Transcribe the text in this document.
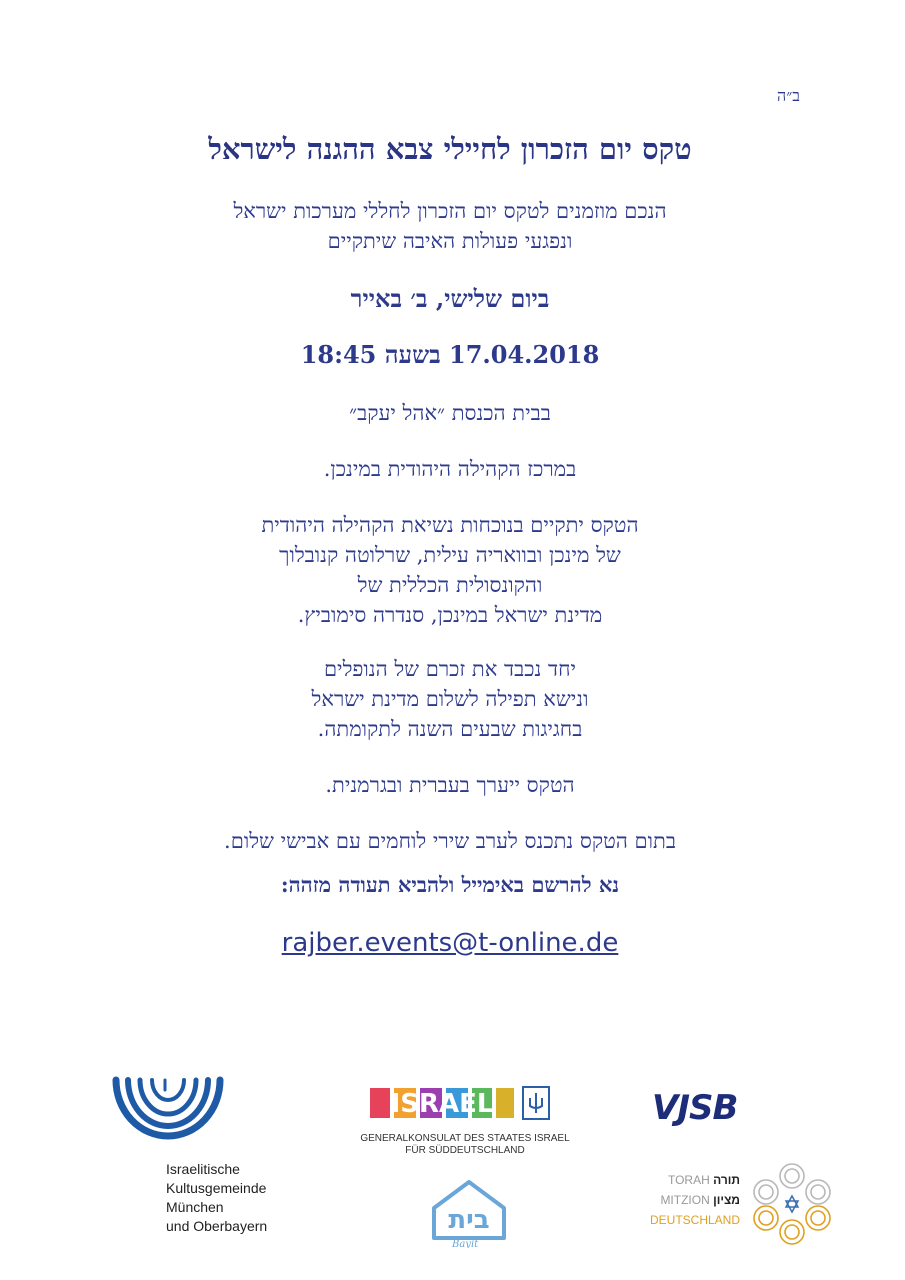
ב״ה
טקס יום הזכרון לחיילי צבא ההגנה לישראל
הנכם מוזמנים לטקס יום הזכרון לחללי מערכות ישראל
ונפגעי פעולות האיבה שיתקיים
ביום שלישי, ב׳ באייר
17.04.2018 בשעה 18:45
בבית הכנסת ״אהל יעקב״
במרכז הקהילה היהודית במינכן.
הטקס יתקיים בנוכחות נשיאת הקהילה היהודית
של מינכן ובוואריה עילית, שרלוטה קנובלוך
והקונסולית הכללית של
מדינת ישראל במינכן, סנדרה סימוביץ.
יחד נכבד את זכרם של הנופלים
ונישא תפילה לשלום מדינת ישראל
בחגיגות שבעים השנה לתקומתה.
הטקס ייערך בעברית ובגרמנית.
בתום הטקס נתכנס לערב שירי לוחמים עם אבישי שלום.
נא להרשם באימייל ולהביא תעודה מזהה:
rajber.events@t-online.de
Israelitische
Kultusgemeinde
München
und Oberbayern
ISRAEL
GENERALKONSULAT DES STAATES ISRAEL
FÜR SÜDDEUTSCHLAND
VJSB
בית
Bayit
TORAH תורה
MITZION מציון
DEUTSCHLAND
